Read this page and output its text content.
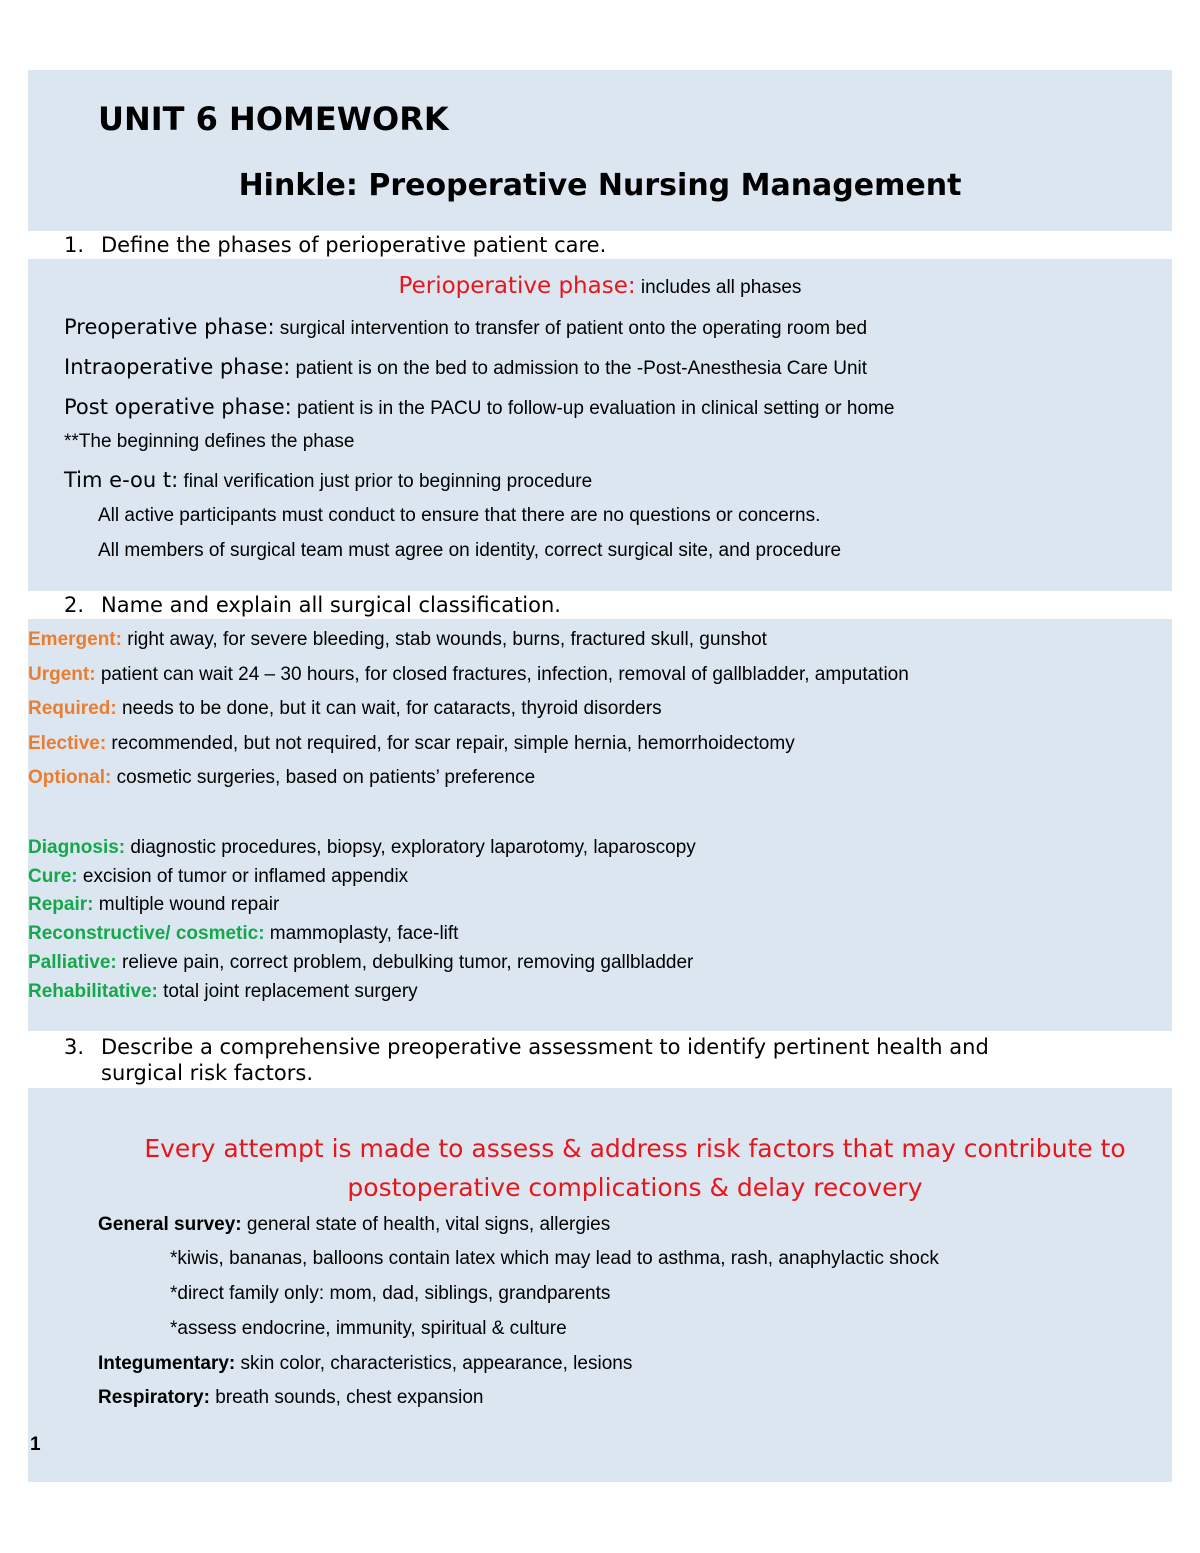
UNIT 6 HOMEWORK
Hinkle: Preoperative Nursing Management
1. Define the phases of perioperative patient care.
Perioperative phase: includes all phases
Preoperative phase: surgical intervention to transfer of patient onto the operating room bed
Intraoperative phase: patient is on the bed to admission to the -Post-Anesthesia Care Unit
Post operative phase: patient is in the PACU to follow-up evaluation in clinical setting or home
**The beginning defines the phase
Tim e-ou t: final verification just prior to beginning procedure
All active participants must conduct to ensure that there are no questions or concerns.
All members of surgical team must agree on identity, correct surgical site, and procedure
2. Name and explain all surgical classification.
Emergent: right away, for severe bleeding, stab wounds, burns, fractured skull, gunshot
Urgent: patient can wait 24 – 30 hours, for closed fractures, infection, removal of gallbladder, amputation
Required: needs to be done, but it can wait, for cataracts, thyroid disorders
Elective: recommended, but not required, for scar repair, simple hernia, hemorrhoidectomy
Optional: cosmetic surgeries, based on patients’ preference
Diagnosis: diagnostic procedures, biopsy, exploratory laparotomy, laparoscopy
Cure: excision of tumor or inflamed appendix
Repair: multiple wound repair
Reconstructive/ cosmetic: mammoplasty, face-lift
Palliative: relieve pain, correct problem, debulking tumor, removing gallbladder
Rehabilitative: total joint replacement surgery
3. Describe a comprehensive preoperative assessment to identify pertinent health and
surgical risk factors.
Every attempt is made to assess & address risk factors that may contribute to
postoperative complications & delay recovery
General survey: general state of health, vital signs, allergies
*kiwis, bananas, balloons contain latex which may lead to asthma, rash, anaphylactic shock
*direct family only: mom, dad, siblings, grandparents
*assess endocrine, immunity, spiritual & culture
Integumentary: skin color, characteristics, appearance, lesions
Respiratory: breath sounds, chest expansion
1
